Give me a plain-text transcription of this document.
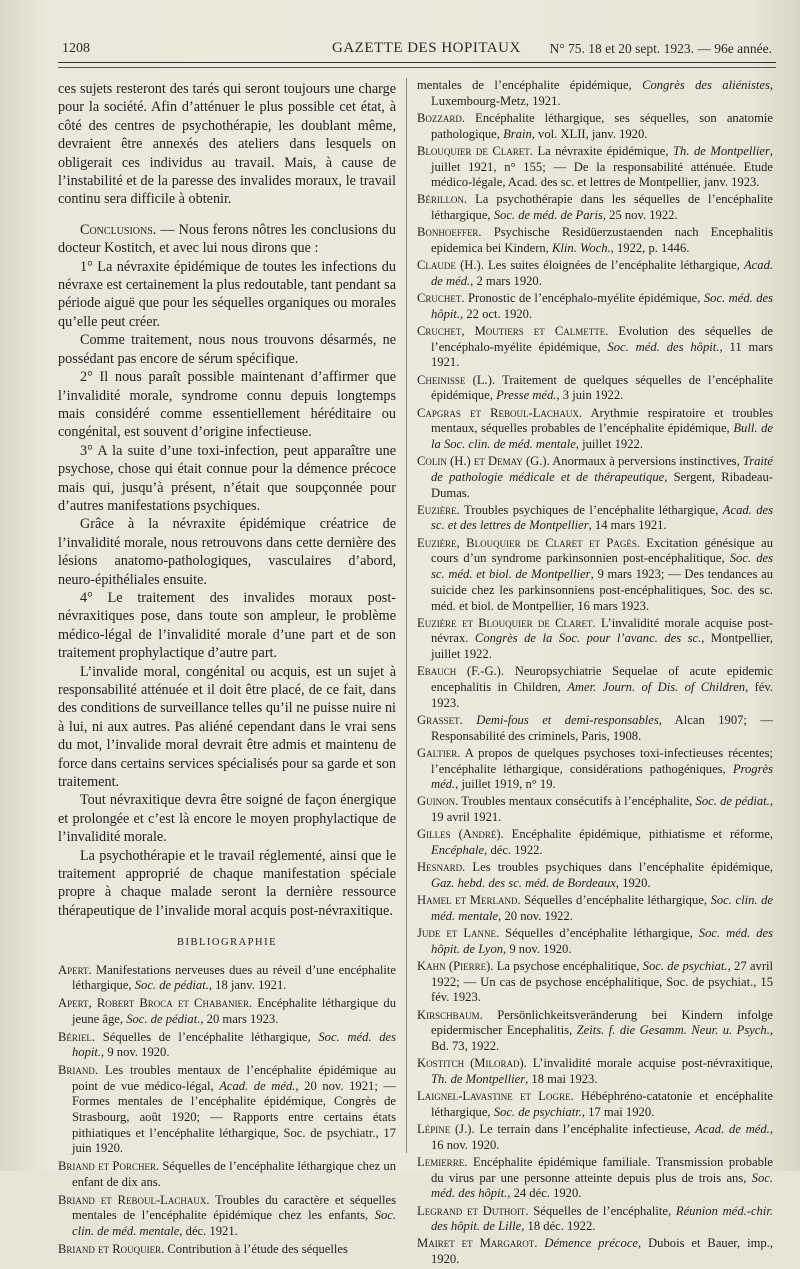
1208	GAZETTE DES HOPITAUX N° 75. 18 et 20 sept. 1923. — 96e année.

ces sujets resteront des tarés qui seront toujours une charge pour la société. Afin d’atténuer le plus possible cet état, à côté des centres de psychothérapie, les doublant même, devraient être annexés des ateliers dans lesquels on obligerait ces individus au travail. Mais, à cause de l’instabilité et de la paresse des invalides moraux, le travail continu sera difficile à obtenir.

Conclusions. — Nous ferons nôtres les conclusions du docteur Kostitch, et avec lui nous dirons que :

1° La névraxite épidémique de toutes les infections du névraxe est certainement la plus redoutable, tant pendant sa période aiguë que pour les séquelles organiques ou morales qu’elle peut créer.

Comme traitement, nous nous trouvons désarmés, ne possédant pas encore de sérum spécifique.

2° Il nous paraît possible maintenant d’affirmer que l’invalidité morale, syndrome connu depuis longtemps mais considéré comme essentiellement héréditaire ou congénital, est souvent d’origine infectieuse.

3° A la suite d’une toxi-infection, peut apparaître une psychose, chose qui était connue pour la démence précoce mais qui, jusqu’à présent, n’était que soupçonnée pour d’autres manifestations psychiques.

Grâce à la névraxite épidémique créatrice de l’invalidité morale, nous retrouvons dans cette dernière des lésions anatomo-pathologiques, vasculaires d’abord, neuro-épithéliales ensuite.

4° Le traitement des invalides moraux post-névraxitiques pose, dans toute son ampleur, le problème médico-légal de l’invalidité morale d’une part et de son traitement prophylactique d’autre part.

L’invalide moral, congénital ou acquis, est un sujet à responsabilité atténuée et il doit être placé, de ce fait, dans des conditions de surveillance telles qu’il ne puisse nuire ni à lui, ni aux autres. Pas aliéné cependant dans le vrai sens du mot, l’invalide moral devrait être admis et maintenu de force dans certains services spécialisés pour sa garde et son traitement.

Tout névraxitique devra être soigné de façon énergique et prolongée et c’est là encore le moyen prophylactique de l’invalidité morale.

La psychothérapie et le travail réglementé, ainsi que le traitement approprié de chaque manifestation spéciale propre à chaque malade seront la dernière ressource thérapeutique de l’invalide moral acquis post-névraxitique.

BIBLIOGRAPHIE

Apert. Manifestations nerveuses dues au réveil d’une encéphalite léthargique, Soc. de pédiat., 18 janv. 1921.

Apert, Robert Broca et Chabanier. Encéphalite léthargique du jeune âge, Soc. de pédiat., 20 mars 1923.

Bériel. Séquelles de l’encéphalite léthargique, Soc. méd. des hopit., 9 nov. 1920.

Briand. Les troubles mentaux de l’encéphalite épidémique au point de vue médico-légal, Acad. de méd., 20 nov. 1921; — Formes mentales de l’encéphalite épidémique, Congrès de Strasbourg, août 1920; — Rapports entre certains états pithiatiques et l’encéphalite léthargique, Soc. de psychiatr., 17 juin 1920.

Briand et Porcher. Séquelles de l’encéphalite léthargique chez un enfant de dix ans.

Briand et Reboul-Lachaux. Troubles du caractère et séquelles mentales de l’encéphalite épidémique chez les enfants, Soc. clin. de méd. mentale, déc. 1921.

Briand et Rouquier. Contribution à l’étude des séquelles

mentales de l’encéphalite épidémique, Congrès des aliénistes, Luxembourg-Metz, 1921.

Bozzard. Encéphalite léthargique, ses séquelles, son anatomie pathologique, Brain, vol. XLII, janv. 1920.

Blouquier de Claret. La névraxite épidémique, Th. de Montpellier, juillet 1921, n° 155; — De la responsabilité atténuée. Etude médico-légale, Acad. des sc. et lettres de Montpellier, janv. 1923.

Bérillon. La psychothérapie dans les séquelles de l’encéphalite léthargique, Soc. de méd. de Paris, 25 nov. 1922.

Bonhoeffer. Psychische Residüerzustaenden nach Encephalitis epidemica bei Kindern, Klin. Woch., 1922, p. 1446.

Claude (H.). Les suites éloignées de l’encéphalite léthargique, Acad. de méd., 2 mars 1920.

Cruchet. Pronostic de l’encéphalo-myélite épidémique, Soc. méd. des hôpit., 22 oct. 1920.

Cruchet, Moutiers et Calmette. Evolution des séquelles de l’encéphalo-myélite épidémique, Soc. méd. des hôpit., 11 mars 1921.

Cheinisse (L.). Traitement de quelques séquelles de l’encéphalite épidémique, Presse méd., 3 juin 1922.

Capgras et Reboul-Lachaux. Arythmie respiratoire et troubles mentaux, séquelles probables de l’encéphalite épidémique, Bull. de la Soc. clin. de méd. mentale, juillet 1922.

Colin (H.) et Demay (G.). Anormaux à perversions instinctives, Traité de pathologie médicale et de thérapeutique, Sergent, Ribadeau-Dumas.

Euzière. Troubles psychiques de l’encéphalite léthargique, Acad. des sc. et des lettres de Montpellier, 14 mars 1921.

Euzière, Blouquier de Claret et Pagès. Excitation génésique au cours d’un syndrome parkinsonnien post-encéphalitique, Soc. des sc. méd. et biol. de Montpellier, 9 mars 1923; — Des tendances au suicide chez les parkinsonniens post-encéphalitiques, Soc. des sc. méd. et biol. de Montpellier, 16 mars 1923.

Euzière et Blouquier de Claret. L’invalidité morale acquise post-névrax. Congrès de la Soc. pour l’avanc. des sc., Montpellier, juillet 1922.

Ebauch (F.-G.). Neuropsychiatrie Sequelae of acute epidemic encephalitis in Children, Amer. Journ. of Dis. of Children, fév. 1923.

Grasset. Demi-fous et demi-responsables, Alcan 1907; — Responsabilité des criminels, Paris, 1908.

Galtier. A propos de quelques psychoses toxi-infectieuses récentes; l’encéphalite léthargique, considérations pathogéniques, Progrès méd., juillet 1919, n° 19.

Guinon. Troubles mentaux consécutifs à l’encéphalite, Soc. de pédiat., 19 avril 1921.

Gilles (André). Encéphalite épidémique, pithiatisme et réforme, Encéphale, déc. 1922.

Hesnard. Les troubles psychiques dans l’encéphalite épidémique, Gaz. hebd. des sc. méd. de Bordeaux, 1920.

Hamel et Merland. Séquelles d’encéphalite léthargique, Soc. clin. de méd. mentale, 20 nov. 1922.

Jude et Lanne. Séquelles d’encéphalite léthargique, Soc. méd. des hôpit. de Lyon, 9 nov. 1920.

Kahn (Pierre). La psychose encéphalitique, Soc. de psychiat., 27 avril 1922; — Un cas de psychose encéphalitique, Soc. de psychiat., 15 fév. 1923.

Kirschbaum. Persönlichkeitsveränderung bei Kindern infolge epidermischer Encephalitis, Zeits. f. die Gesamm. Neur. u. Psych., Bd. 73, 1922.

Kostitch (Milorad). L’invalidité morale acquise post-névraxitique, Th. de Montpellier, 18 mai 1923.

Laignel-Lavastine et Logre. Hébéphréno-catatonie et encéphalite léthargique, Soc. de psychiatr., 17 mai 1920.

Lépine (J.). Le terrain dans l’encéphalite infectieuse, Acad. de méd., 16 nov. 1920.

Lemierre. Encéphalite épidémique familiale. Transmission probable du virus par une personne atteinte depuis plus de trois ans, Soc. méd. des hôpit., 24 déc. 1920.

Legrand et Duthoit. Séquelles de l’encéphalite, Réunion méd.-chir. des hôpit. de Lille, 18 déc. 1922.

Mairet et Margarot. Démence précoce, Dubois et Bauer, imp., 1920.
